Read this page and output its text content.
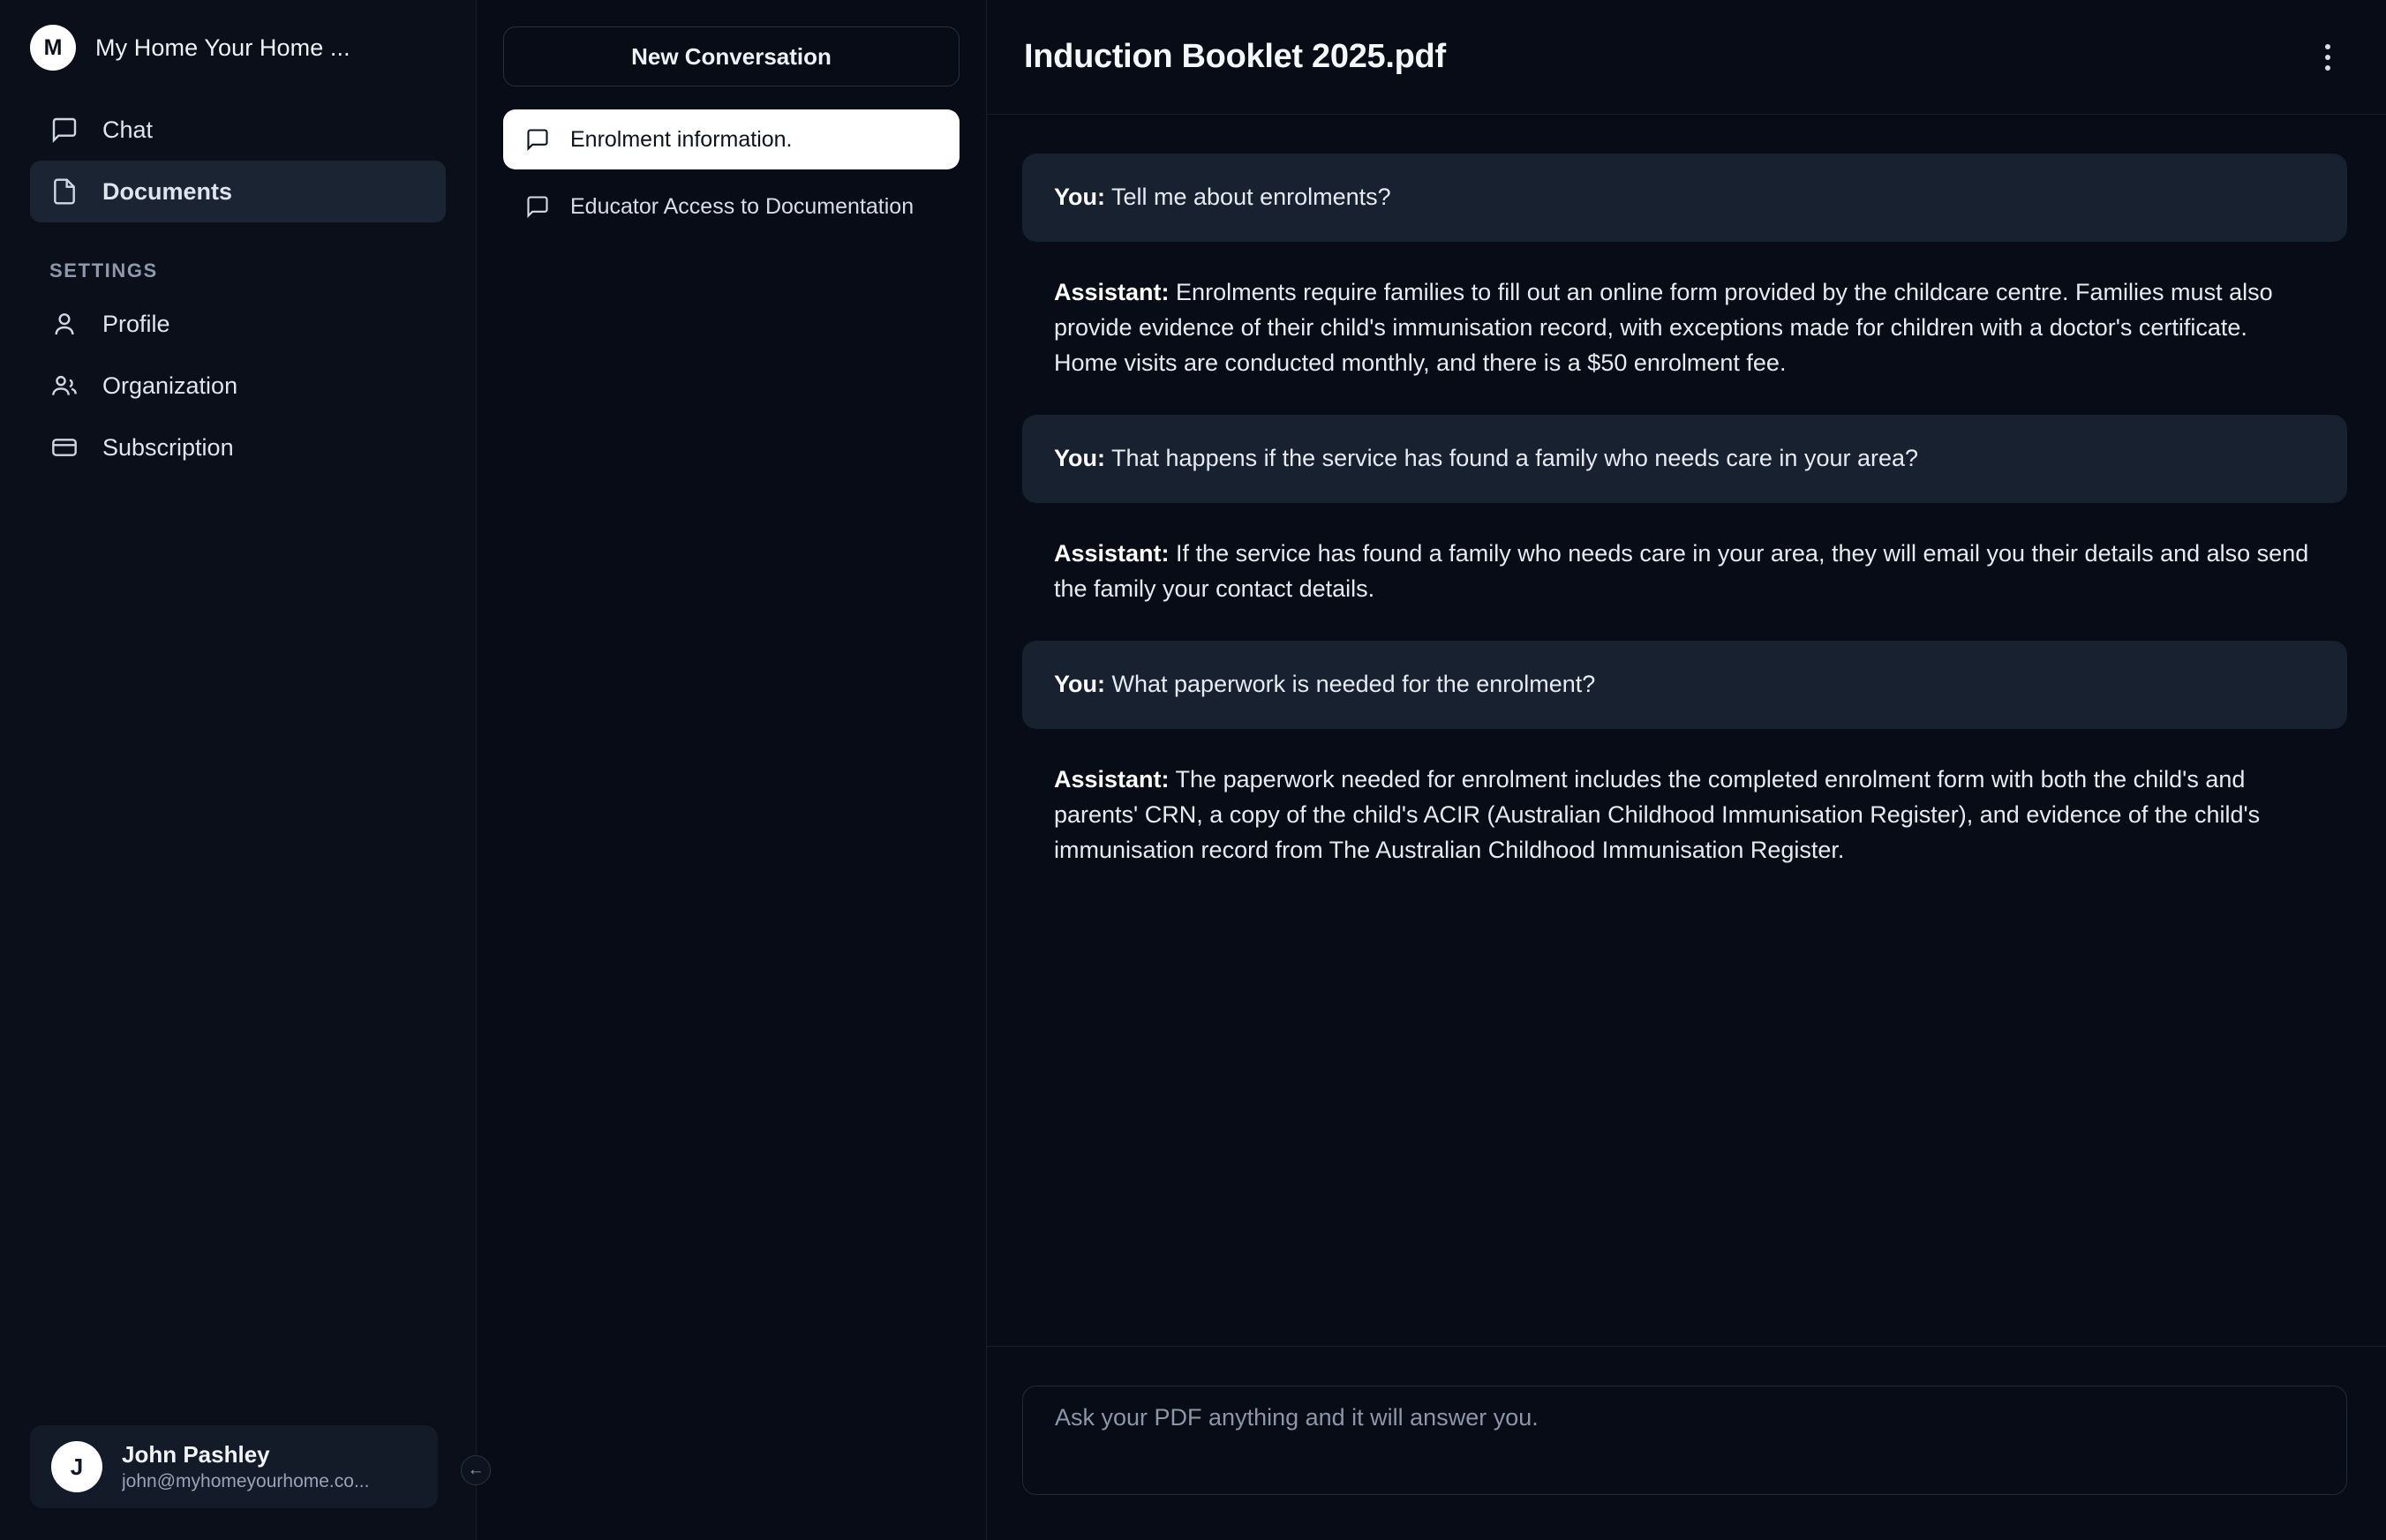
M	My Home Your Home ...
Chat
Documents
SETTINGS
Profile
Organization
Subscription
J	John Pashley
john@myhomeyourhome.co...
←
New Conversation
Enrolment information.
Educator Access to Documentation
Induction Booklet 2025.pdf

You: Tell me about enrolments?

Assistant: Enrolments require families to fill out an online form provided by the childcare centre. Families must also provide evidence of their child's immunisation record, with exceptions made for children with a doctor's certificate. Home visits are conducted monthly, and there is a $50 enrolment fee.

You: That happens if the service has found a family who needs care in your area?

Assistant: If the service has found a family who needs care in your area, they will email you their details and also send the family your contact details.

You: What paperwork is needed for the enrolment?

Assistant: The paperwork needed for enrolment includes the completed enrolment form with both the child's and parents' CRN, a copy of the child's ACIR (Australian Childhood Immunisation Register), and evidence of the child's immunisation record from The Australian Childhood Immunisation Register.

Ask your PDF anything and it will answer you.
